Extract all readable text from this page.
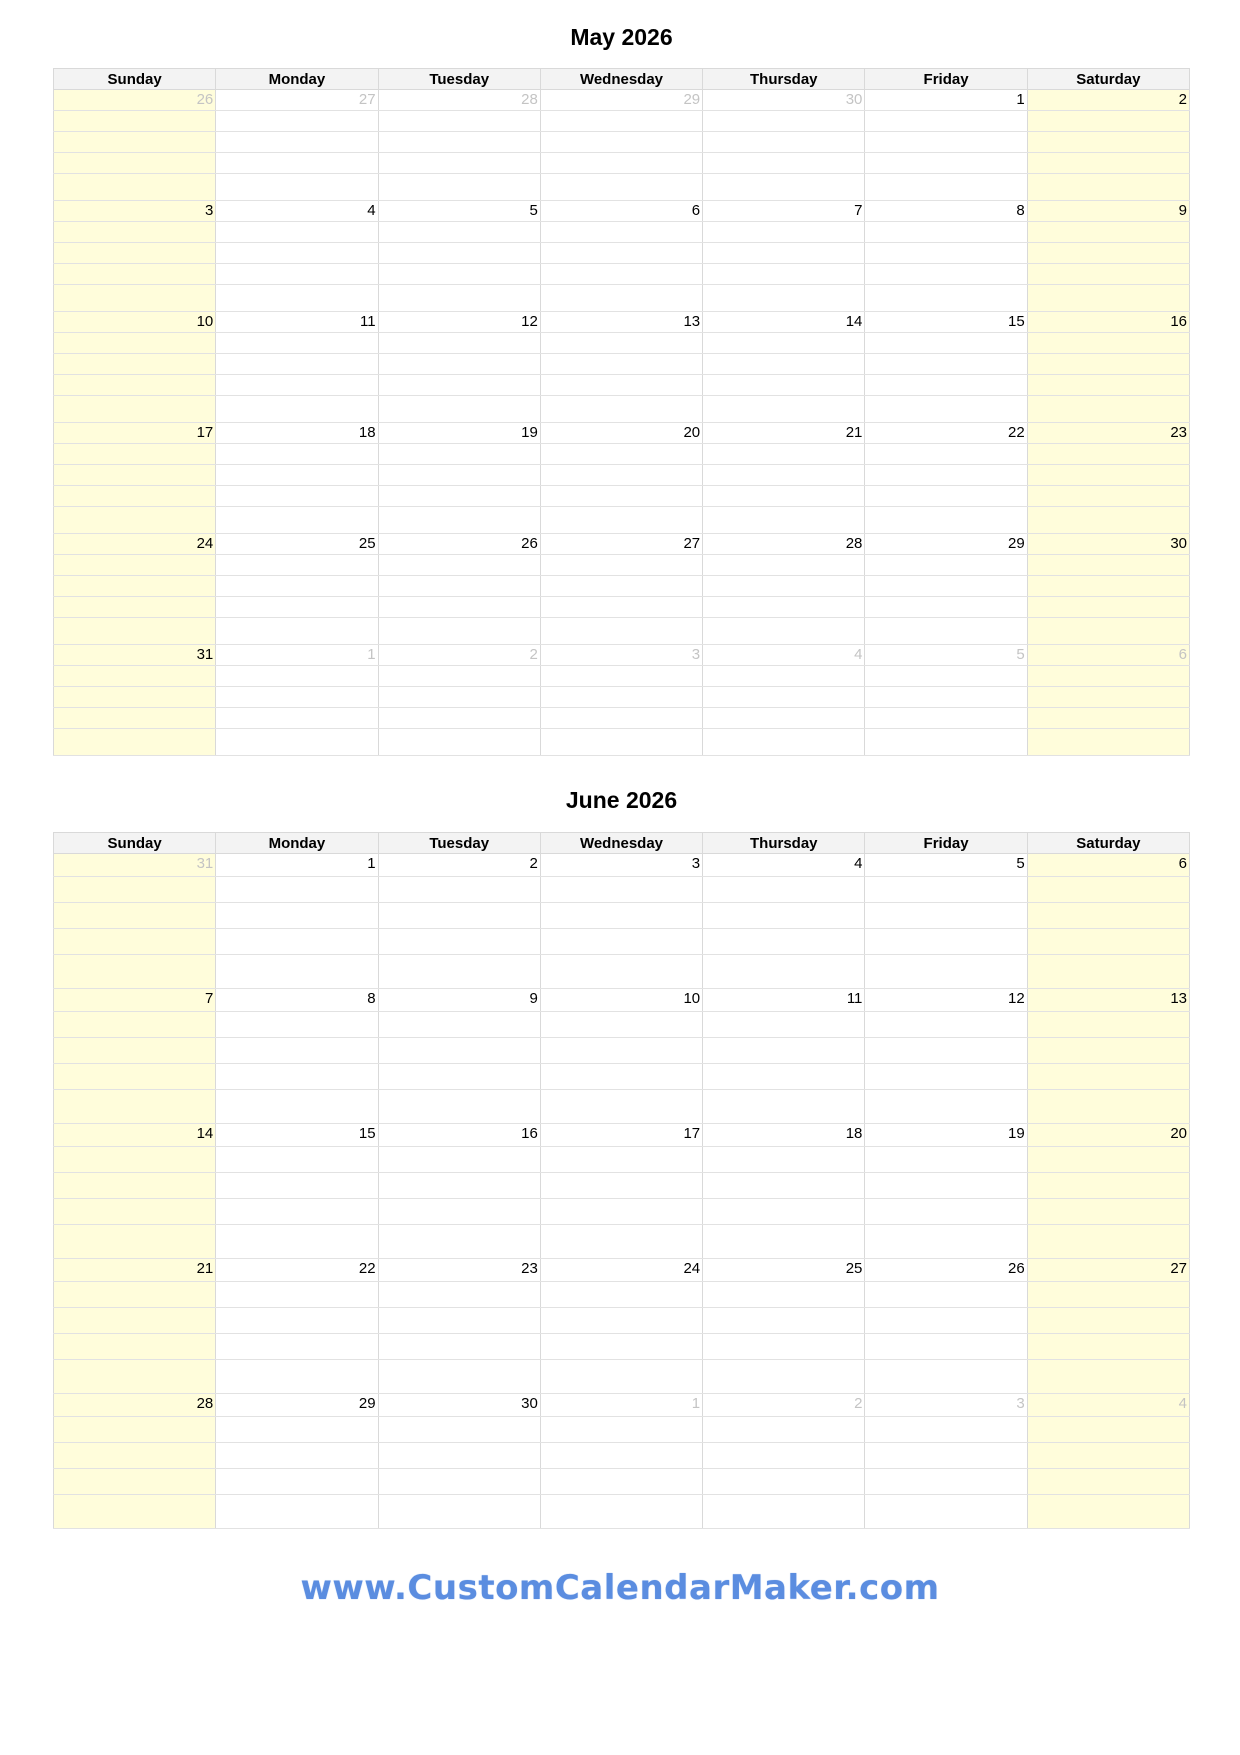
May 2026
Sunday	Monday	Tuesday	Wednesday	Thursday	Friday	Saturday
26	27	28	29	30	1	2

3	4	5	6	7	8	9

10	11	12	13	14	15	16

17	18	19	20	21	22	23

24	25	26	27	28	29	30

31	1	2	3	4	5	6

June 2026
Sunday	Monday	Tuesday	Wednesday	Thursday	Friday	Saturday
31	1	2	3	4	5	6

7	8	9	10	11	12	13

14	15	16	17	18	19	20

21	22	23	24	25	26	27

28	29	30	1	2	3	4

www.CustomCalendarMaker.com
